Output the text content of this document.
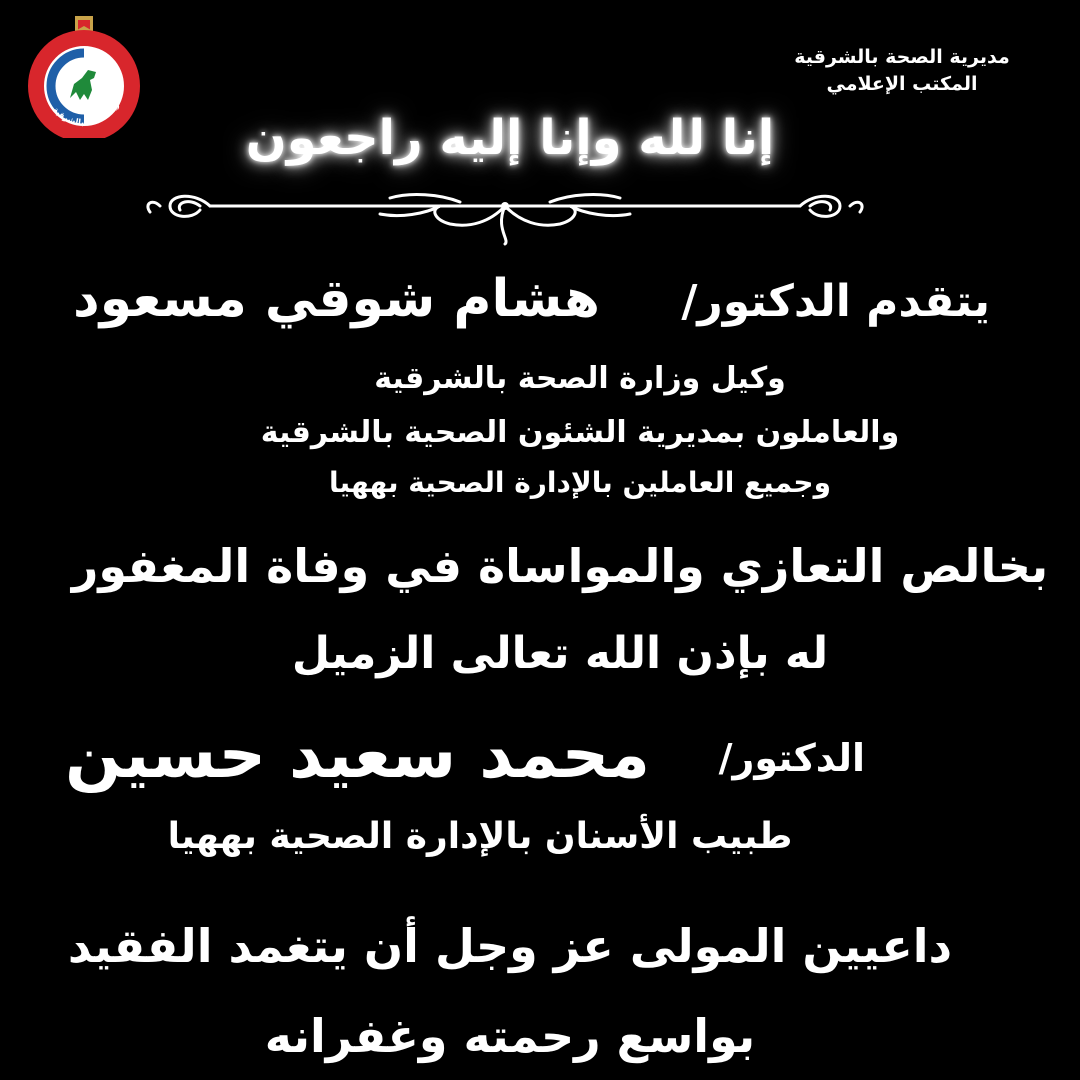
رية الصحة بالشرقية
مديرية الصحة بالشرقية
المكتب الإعلامي
إنا لله وإنا إليه راجعون
يتقدم الدكتور/
هشام شوقي مسعود
وكيل وزارة الصحة بالشرقية
والعاملون بمديرية الشئون الصحية بالشرقية
وجميع العاملين بالإدارة الصحية بههيا
بخالص التعازي والمواساة في وفاة المغفور
له بإذن الله تعالى الزميل
الدكتور/
محمد سعيد حسين
طبيب الأسنان بالإدارة الصحية بههيا
داعيين المولى عز وجل أن يتغمد الفقيد
بواسع رحمته وغفرانه
